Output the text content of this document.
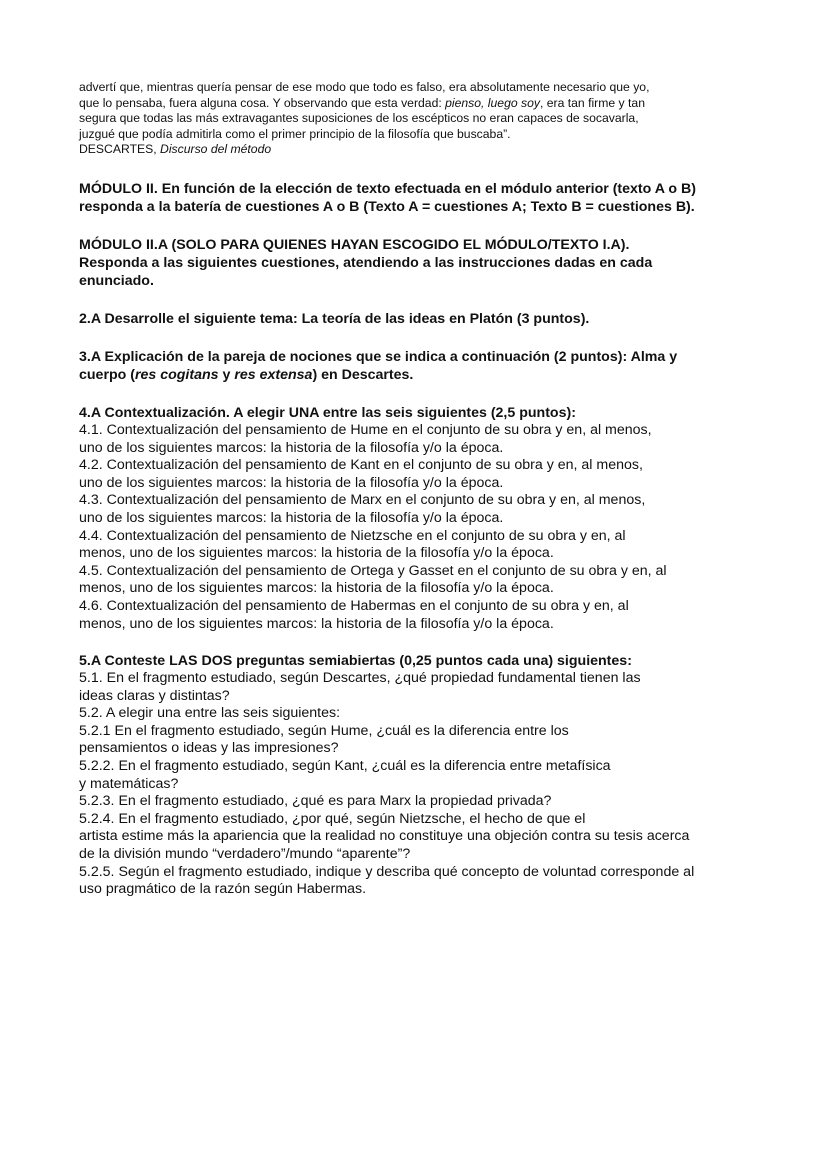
advertí que, mientras quería pensar de ese modo que todo es falso, era absolutamente necesario que yo,

que lo pensaba, fuera alguna cosa. Y observando que esta verdad: pienso, luego soy, era tan firme y tan

segura que todas las más extravagantes suposiciones de los escépticos no eran capaces de socavarla,

juzgué que podía admitirla como el primer principio de la filosofía que buscaba”.

DESCARTES, Discurso del método

MÓDULO II. En función de la elección de texto efectuada en el módulo anterior (texto A o B)

responda a la batería de cuestiones A o B (Texto A = cuestiones A; Texto B = cuestiones B).

MÓDULO II.A (SOLO PARA QUIENES HAYAN ESCOGIDO EL MÓDULO/TEXTO I.A).

Responda a las siguientes cuestiones, atendiendo a las instrucciones dadas en cada

enunciado.

2.A Desarrolle el siguiente tema: La teoría de las ideas en Platón (3 puntos).

3.A Explicación de la pareja de nociones que se indica a continuación (2 puntos): Alma y

cuerpo (res cogitans y res extensa) en Descartes.

4.A Contextualización. A elegir UNA entre las seis siguientes (2,5 puntos):

4.1. Contextualización del pensamiento de Hume en el conjunto de su obra y en, al menos,

uno de los siguientes marcos: la historia de la filosofía y/o la época.

4.2. Contextualización del pensamiento de Kant en el conjunto de su obra y en, al menos,

uno de los siguientes marcos: la historia de la filosofía y/o la época.

4.3. Contextualización del pensamiento de Marx en el conjunto de su obra y en, al menos,

uno de los siguientes marcos: la historia de la filosofía y/o la época.

4.4. Contextualización del pensamiento de Nietzsche en el conjunto de su obra y en, al

menos, uno de los siguientes marcos: la historia de la filosofía y/o la época.

4.5. Contextualización del pensamiento de Ortega y Gasset en el conjunto de su obra y en, al

menos, uno de los siguientes marcos: la historia de la filosofía y/o la época.

4.6. Contextualización del pensamiento de Habermas en el conjunto de su obra y en, al

menos, uno de los siguientes marcos: la historia de la filosofía y/o la época.

5.A Conteste LAS DOS preguntas semiabiertas (0,25 puntos cada una) siguientes:

5.1. En el fragmento estudiado, según Descartes, ¿qué propiedad fundamental tienen las

ideas claras y distintas?

5.2. A elegir una entre las seis siguientes:

5.2.1 En el fragmento estudiado, según Hume, ¿cuál es la diferencia entre los

pensamientos o ideas y las impresiones?

5.2.2. En el fragmento estudiado, según Kant, ¿cuál es la diferencia entre metafísica

y matemáticas?

5.2.3. En el fragmento estudiado, ¿qué es para Marx la propiedad privada?

5.2.4. En el fragmento estudiado, ¿por qué, según Nietzsche, el hecho de que el

artista estime más la apariencia que la realidad no constituye una objeción contra su tesis acerca

de la división mundo “verdadero”/mundo “aparente”?

5.2.5. Según el fragmento estudiado, indique y describa qué concepto de voluntad corresponde al

uso pragmático de la razón según Habermas.
